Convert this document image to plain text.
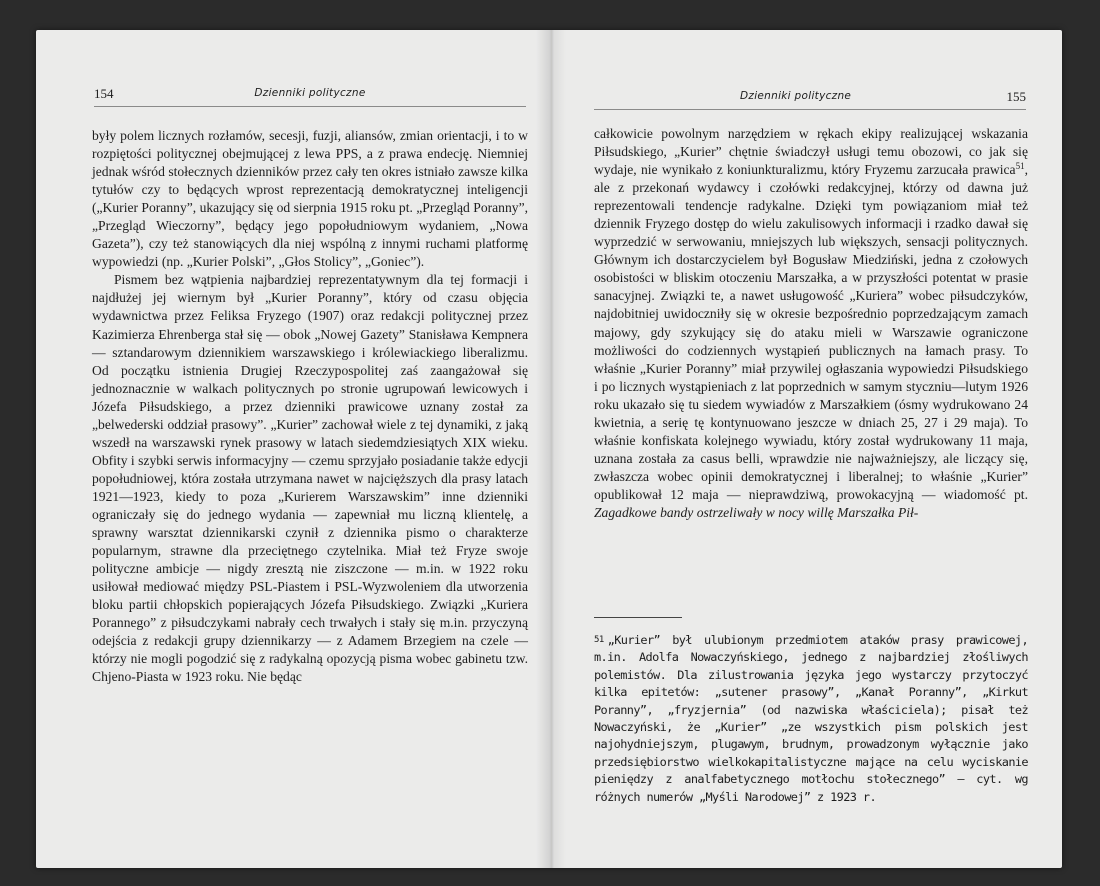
154	Dzienniki polityczne

były polem licznych rozłamów, secesji, fuzji, aliansów, zmian orientacji, i to w rozpiętości politycznej obejmującej z lewa PPS, a z prawa endecję. Niemniej jednak wśród stołecznych dzienników przez cały ten okres istniało zawsze kilka tytułów czy to będących wprost reprezentacją demokratycznej inteligencji („Kurier Poranny”, ukazujący się od sierpnia 1915 roku pt. „Przegląd Poranny”, „Przegląd Wieczorny”, będący jego popołudniowym wydaniem, „Nowa Gazeta”), czy też stanowiących dla niej wspólną z innymi ruchami platformę wypowiedzi (np. „Kurier Polski”, „Głos Stolicy”, „Goniec”).

Pismem bez wątpienia najbardziej reprezentatywnym dla tej formacji i najdłużej jej wiernym był „Kurier Poranny”, który od czasu objęcia wydawnictwa przez Feliksa Fryzego (1907) oraz redakcji politycznej przez Kazimierza Ehrenberga stał się — obok „Nowej Gazety” Stanisława Kempnera — sztandarowym dziennikiem warszawskiego i królewiackiego liberalizmu. Od początku istnienia Drugiej Rzeczypospolitej zaś zaangażował się jednoznacznie w walkach politycznych po stronie ugrupowań lewicowych i Józefa Piłsudskiego, a przez dzienniki prawicowe uznany został za „belwederski oddział prasowy”. „Kurier” zachował wiele z tej dynamiki, z jaką wszedł na warszawski rynek prasowy w latach siedemdziesiątych XIX wieku. Obfity i szybki serwis informacyjny — czemu sprzyjało posiadanie także edycji popołudniowej, która została utrzymana nawet w najcięższych dla prasy latach 1921—1923, kiedy to poza „Kurierem Warszawskim” inne dzienniki ograniczały się do jednego wydania — zapewniał mu liczną klientelę, a sprawny warsztat dziennikarski czynił z dziennika pismo o charakterze popularnym, strawne dla przeciętnego czytelnika. Miał też Fryze swoje polityczne ambicje — nigdy zresztą nie ziszczone — m.in. w 1922 roku usiłował mediować między PSL-Piastem i PSL-Wyzwoleniem dla utworzenia bloku partii chłopskich popierających Józefa Piłsudskiego. Związki „Kuriera Porannego” z piłsudczykami nabrały cech trwałych i stały się m.in. przyczyną odejścia z redakcji grupy dziennikarzy — z Adamem Brzegiem na czele — którzy nie mogli pogodzić się z radykalną opozycją pisma wobec gabinetu tzw. Chjeno-Piasta w 1923 roku. Nie będąc

Dzienniki polityczne	155

całkowicie powolnym narzędziem w rękach ekipy realizującej wskazania Piłsudskiego, „Kurier” chętnie świadczył usługi temu obozowi, co jak się wydaje, nie wynikało z koniunkturalizmu, który Fryzemu zarzucała prawica$^{51}$, ale z przekonań wydawcy i czołówki redakcyjnej, którzy od dawna już reprezentowali tendencje radykalne. Dzięki tym powiązaniom miał też dziennik Fryzego dostęp do wielu zakulisowych informacji i rzadko dawał się wyprzedzić w serwowaniu, mniejszych lub większych, sensacji politycznych. Głównym ich dostarczycielem był Bogusław Miedziński, jedna z czołowych osobistości w bliskim otoczeniu Marszałka, a w przyszłości potentat w prasie sanacyjnej. Związki te, a nawet usługowość „Kuriera” wobec piłsudczyków, najdobitniej uwidoczniły się w okresie bezpośrednio poprzedzającym zamach majowy, gdy szykujący się do ataku mieli w Warszawie ograniczone możliwości do codziennych wystąpień publicznych na łamach prasy. To właśnie „Kurier Poranny” miał przywilej ogłaszania wypowiedzi Piłsudskiego i po licznych wystąpieniach z lat poprzednich w samym styczniu—lutym 1926 roku ukazało się tu siedem wywiadów z Marszałkiem (ósmy wydrukowano 24 kwietnia, a serię tę kontynuowano jeszcze w dniach 25, 27 i 29 maja). To właśnie konfiskata kolejnego wywiadu, który został wydrukowany 11 maja, uznana została za casus belli, wprawdzie nie najważniejszy, ale liczący się, zwłaszcza wobec opinii demokratycznej i liberalnej; to właśnie „Kurier” opublikował 12 maja — nieprawdziwą, prowokacyjną — wiadomość pt. Zagadkowe bandy ostrzeliwały w nocy willę Marszałka Pił-

51 „Kurier” był ulubionym przedmiotem ataków prasy prawicowej, m.in. Adolfa Nowaczyńskiego, jednego z najbardziej złośliwych polemistów. Dla zilustrowania języka jego wystarczy przytoczyć kilka epitetów: „sutener prasowy”, „Kanał Poranny”, „Kirkut Poranny”, „fryzjernia” (od nazwiska właściciela); pisał też Nowaczyński, że „Kurier” „ze wszystkich pism polskich jest najohydniejszym, plugawym, brudnym, prowadzonym wyłącznie jako przedsiębiorstwo wielkokapitalistyczne mające na celu wyciskanie pieniędzy z analfabetycznego motłochu stołecznego” — cyt. wg różnych numerów „Myśli Narodowej” z 1923 r.
